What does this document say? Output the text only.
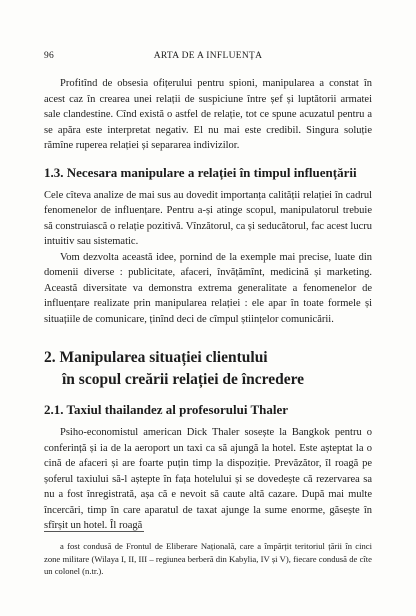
96	ARTA DE A INFLUENȚA

Profitînd de obsesia ofițerului pentru spioni, manipularea a constat în acest caz în crearea unei relații de suspiciune între șef și luptătorii armatei sale clandestine. Cînd există o astfel de relație, tot ce spune acuzatul pentru a se apăra este interpretat negativ. El nu mai este credibil. Singura soluție rămîne ruperea relației și separarea indivizilor.

1.3. Necesara manipulare a relației în timpul influențării

Cele cîteva analize de mai sus au dovedit importanța calității relației în cadrul fenomenelor de influențare. Pentru a-și atinge scopul, manipulatorul trebuie să construiască o relație pozitivă. Vînzătorul, ca și seducătorul, fac acest lucru intuitiv sau sistematic.

Vom dezvolta această idee, pornind de la exemple mai precise, luate din domenii diverse : publicitate, afaceri, învățămînt, medicină și marketing. Această diversitate va demonstra extrema generalitate a fenomenelor de influențare realizate prin manipularea relației : ele apar în toate formele și situațiile de comunicare, ținînd deci de cîmpul științelor comunicării.

2. Manipularea situației clientului
în scopul creării relației de încredere

2.1. Taxiul thailandez al profesorului Thaler

Psiho-economistul american Dick Thaler sosește la Bangkok pentru o conferință și ia de la aeroport un taxi ca să ajungă la hotel. Este așteptat la o cină de afaceri și are foarte puțin timp la dispoziție. Prevăzător, îl roagă pe șoferul taxiului să-l aștepte în fața hotelului și se dovedește că rezervarea sa nu a fost înregistrată, așa că e nevoit să caute altă cazare. După mai multe încercări, timp în care aparatul de taxat ajunge la sume enorme, găsește în sfîrșit un hotel. Îl roagă

a fost condusă de Frontul de Eliberare Națională, care a împărțit teritoriul țării în cinci zone militare (Wilaya I, II, III – regiunea berberă din Kabylia, IV și V), fiecare condusă de cîte un colonel (n.tr.).
